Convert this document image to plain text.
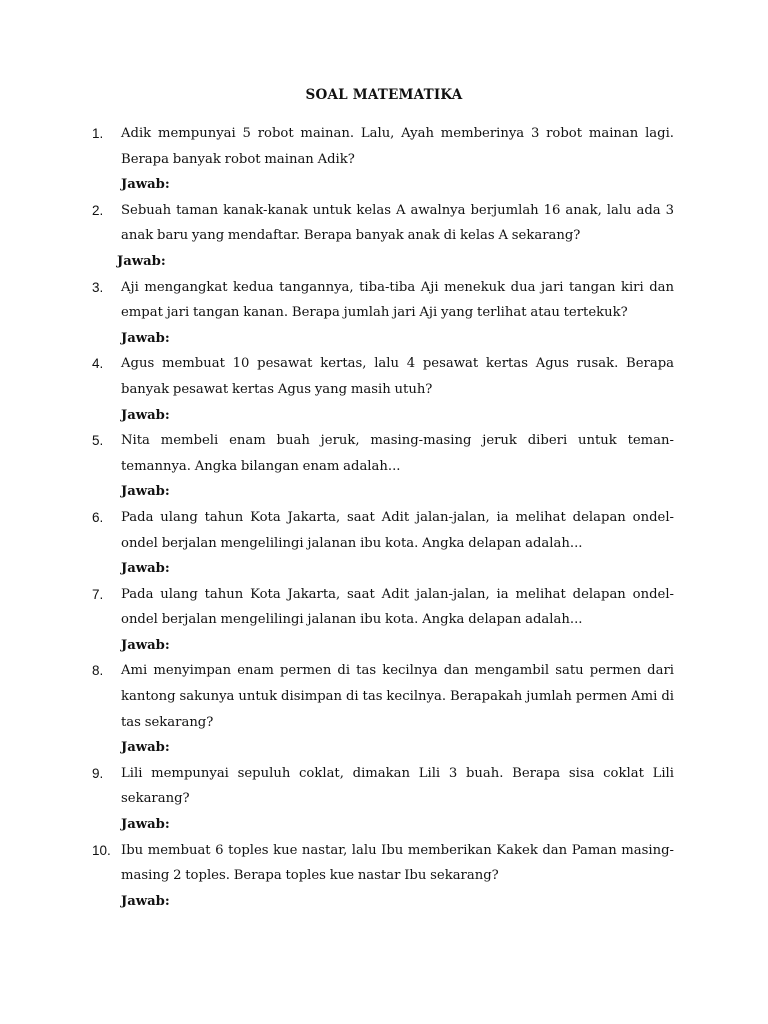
SOAL MATEMATIKA
1. Adik mempunyai 5 robot mainan. Lalu, Ayah memberinya 3 robot mainan lagi. Berapa banyak robot mainan Adik?
Jawab:
2. Sebuah taman kanak-kanak untuk kelas A awalnya berjumlah 16 anak, lalu ada 3 anak baru yang mendaftar. Berapa banyak anak di kelas A sekarang?
Jawab:
3. Aji mengangkat kedua tangannya, tiba-tiba Aji menekuk dua jari tangan kiri dan empat jari tangan kanan. Berapa jumlah jari Aji yang terlihat atau tertekuk?
Jawab:
4. Agus membuat 10 pesawat kertas, lalu 4 pesawat kertas Agus rusak. Berapa banyak pesawat kertas Agus yang masih utuh?
Jawab:
5. Nita membeli enam buah jeruk, masing-masing jeruk diberi untuk teman-temannya. Angka bilangan enam adalah...
Jawab:
6. Pada ulang tahun Kota Jakarta, saat Adit jalan-jalan, ia melihat delapan ondel-ondel berjalan mengelilingi jalanan ibu kota. Angka delapan adalah...
Jawab:
7. Pada ulang tahun Kota Jakarta, saat Adit jalan-jalan, ia melihat delapan ondel-ondel berjalan mengelilingi jalanan ibu kota. Angka delapan adalah...
Jawab:
8. Ami menyimpan enam permen di tas kecilnya dan mengambil satu permen dari kantong sakunya untuk disimpan di tas kecilnya. Berapakah jumlah permen Ami di tas sekarang?
Jawab:
9. Lili mempunyai sepuluh coklat, dimakan Lili 3 buah. Berapa sisa coklat Lili sekarang?
Jawab:
10. Ibu membuat 6 toples kue nastar, lalu Ibu memberikan Kakek dan Paman masing-masing 2 toples. Berapa toples kue nastar Ibu sekarang?
Jawab:
